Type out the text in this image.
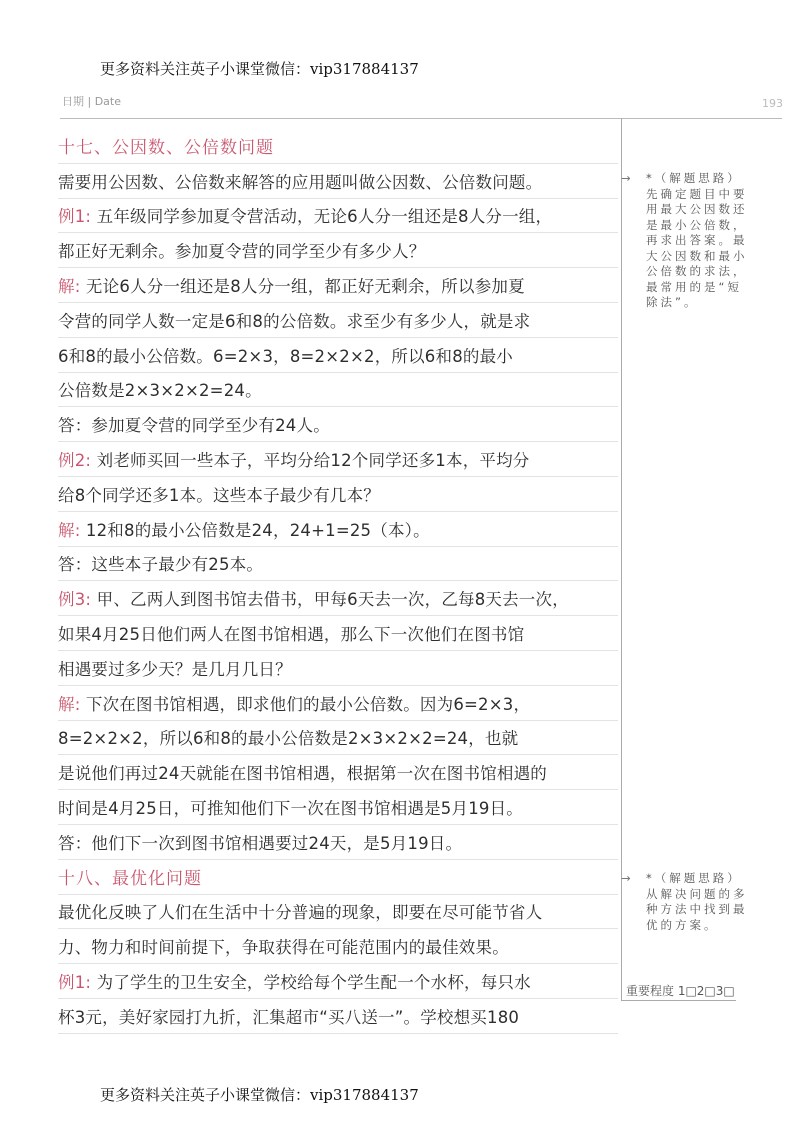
更多资料关注英子小课堂微信：vip317884137
日期 | Date	193
十七、公因数、公倍数问题
需要用公因数、公倍数来解答的应用题叫做公因数、公倍数问题。
例1: 五年级同学参加夏令营活动，无论6人分一组还是8人分一组，
都正好无剩余。参加夏令营的同学至少有多少人？
解: 无论6人分一组还是8人分一组，都正好无剩余，所以参加夏
令营的同学人数一定是6和8的公倍数。求至少有多少人，就是求
6和8的最小公倍数。6=2×3，8=2×2×2，所以6和8的最小
公倍数是2×3×2×2=24。
答：参加夏令营的同学至少有24人。
例2: 刘老师买回一些本子，平均分给12个同学还多1本，平均分
给8个同学还多1本。这些本子最少有几本？
解: 12和8的最小公倍数是24，24+1=25（本）。
答：这些本子最少有25本。
例3: 甲、乙两人到图书馆去借书，甲每6天去一次，乙每8天去一次，
如果4月25日他们两人在图书馆相遇，那么下一次他们在图书馆
相遇要过多少天？是几月几日？
解: 下次在图书馆相遇，即求他们的最小公倍数。因为6=2×3，
8=2×2×2，所以6和8的最小公倍数是2×3×2×2=24，也就
是说他们再过24天就能在图书馆相遇，根据第一次在图书馆相遇的
时间是4月25日，可推知他们下一次在图书馆相遇是5月19日。
答：他们下一次到图书馆相遇要过24天，是5月19日。
十八、最优化问题
最优化反映了人们在生活中十分普遍的现象，即要在尽可能节省人
力、物力和时间前提下，争取获得在可能范围内的最佳效果。
例1: 为了学生的卫生安全，学校给每个学生配一个水杯，每只水
杯3元，美好家园打九折，汇集超市“买八送一”。学校想买180
→	*（解题思路）先确定题目中要用最大公因数还是最小公倍数，再求出答案。最大公因数和最小公倍数的求法，最常用的是“短除法”。
→	*（解题思路）从解决问题的多种方法中找到最优的方案。
重要程度 1□2□3□
更多资料关注英子小课堂微信：vip317884137
